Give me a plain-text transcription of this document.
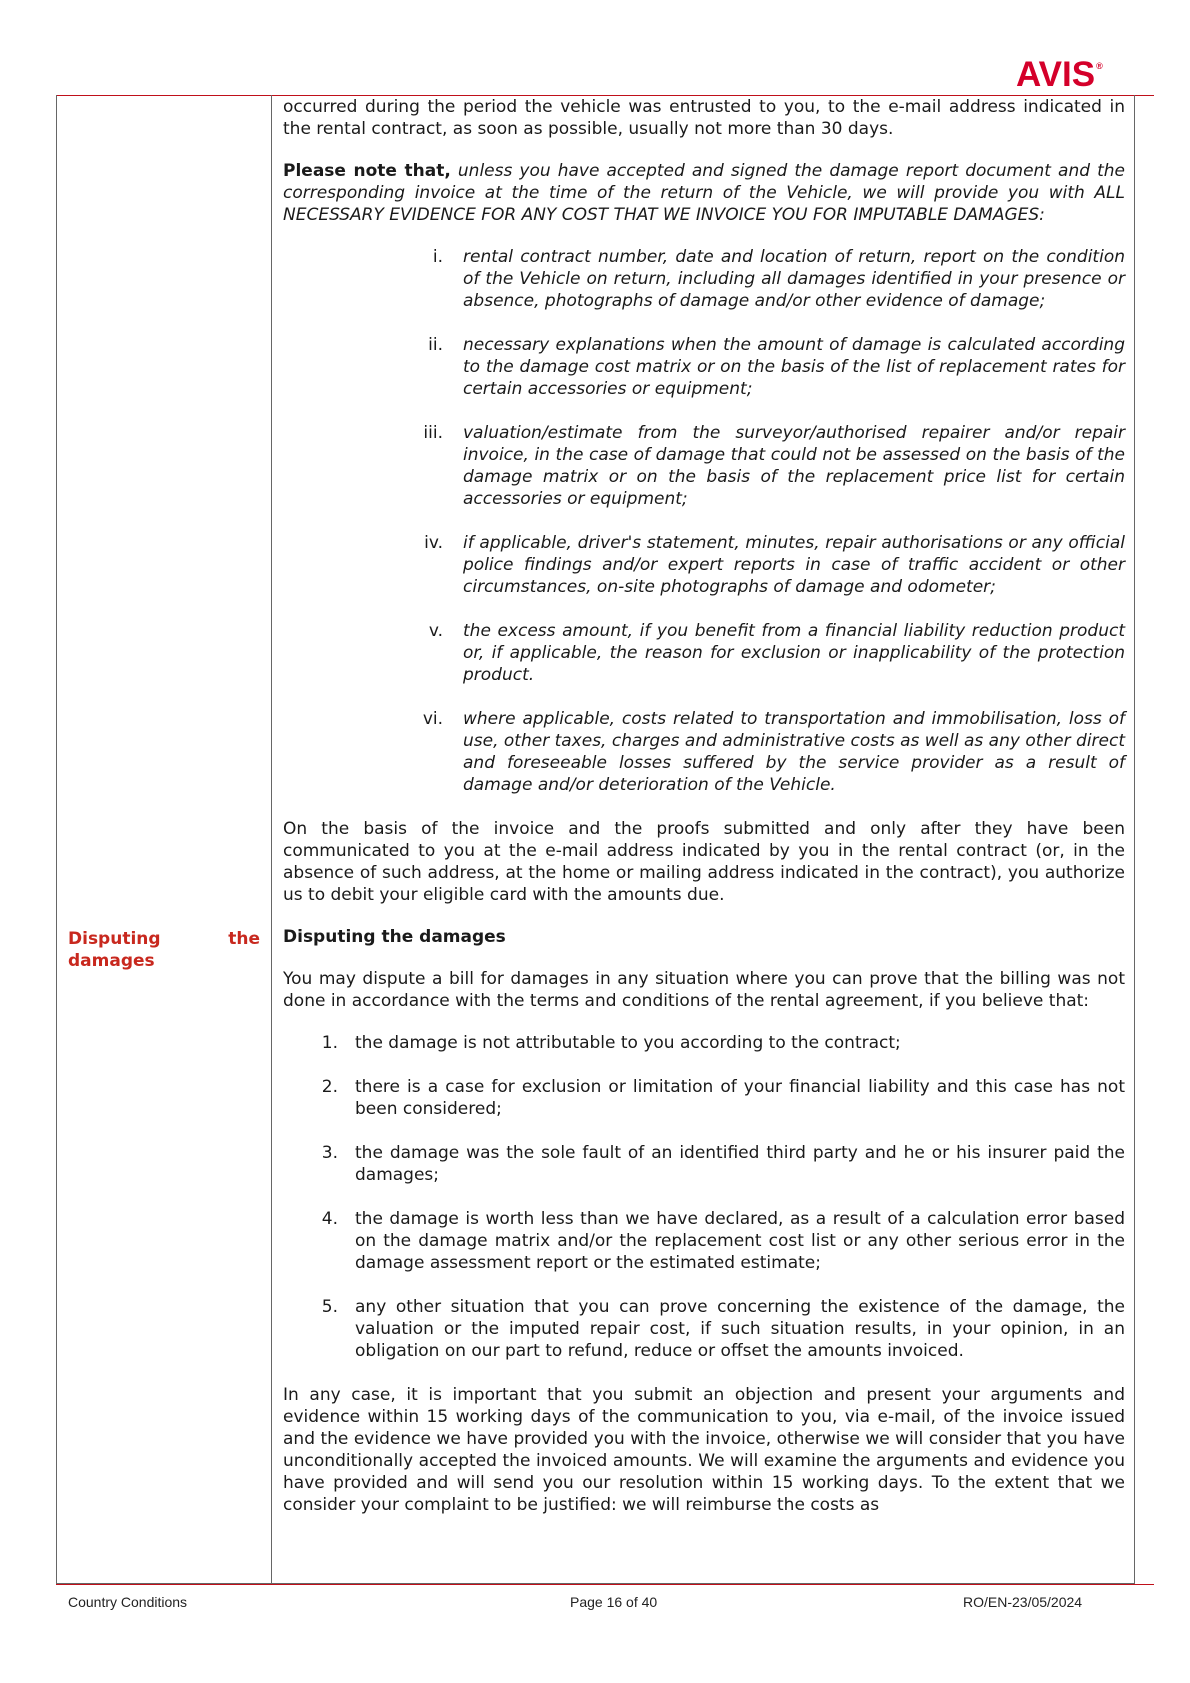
AVIS®
Disputing	the
damages

occurred during the period the vehicle was entrusted to you, to the e-mail address indicated in the rental contract, as soon as possible, usually not more than 30 days.

Please note that, unless you have accepted and signed the damage report document and the corresponding invoice at the time of the return of the Vehicle, we will provide you with ALL NECESSARY EVIDENCE FOR ANY COST THAT WE INVOICE YOU FOR IMPUTABLE DAMAGES:

i. rental contract number, date and location of return, report on the condition of the Vehicle on return, including all damages identified in your presence or absence, photographs of damage and/or other evidence of damage;
ii. necessary explanations when the amount of damage is calculated according to the damage cost matrix or on the basis of the list of replacement rates for certain accessories or equipment;
iii. valuation/estimate from the surveyor/authorised repairer and/or repair invoice, in the case of damage that could not be assessed on the basis of the damage matrix or on the basis of the replacement price list for certain accessories or equipment;
iv. if applicable, driver's statement, minutes, repair authorisations or any official police findings and/or expert reports in case of traffic accident or other circumstances, on-site photographs of damage and odometer;
v. the excess amount, if you benefit from a financial liability reduction product or, if applicable, the reason for exclusion or inapplicability of the protection product.
vi. where applicable, costs related to transportation and immobilisation, loss of use, other taxes, charges and administrative costs as well as any other direct and foreseeable losses suffered by the service provider as a result of damage and/or deterioration of the Vehicle.

On the basis of the invoice and the proofs submitted and only after they have been communicated to you at the e-mail address indicated by you in the rental contract (or, in the absence of such address, at the home or mailing address indicated in the contract), you authorize us to debit your eligible card with the amounts due.

Disputing the damages

You may dispute a bill for damages in any situation where you can prove that the billing was not done in accordance with the terms and conditions of the rental agreement, if you believe that:

1. the damage is not attributable to you according to the contract;
2. there is a case for exclusion or limitation of your financial liability and this case has not been considered;
3. the damage was the sole fault of an identified third party and he or his insurer paid the damages;
4. the damage is worth less than we have declared, as a result of a calculation error based on the damage matrix and/or the replacement cost list or any other serious error in the damage assessment report or the estimated estimate;
5. any other situation that you can prove concerning the existence of the damage, the valuation or the imputed repair cost, if such situation results, in your opinion, in an obligation on our part to refund, reduce or offset the amounts invoiced.

In any case, it is important that you submit an objection and present your arguments and evidence within 15 working days of the communication to you, via e-mail, of the invoice issued and the evidence we have provided you with the invoice, otherwise we will consider that you have unconditionally accepted the invoiced amounts. We will examine the arguments and evidence you have provided and will send you our resolution within 15 working days. To the extent that we consider your complaint to be justified: we will reimburse the costs as

Country Conditions	Page 16 of 40	RO/EN-23/05/2024
